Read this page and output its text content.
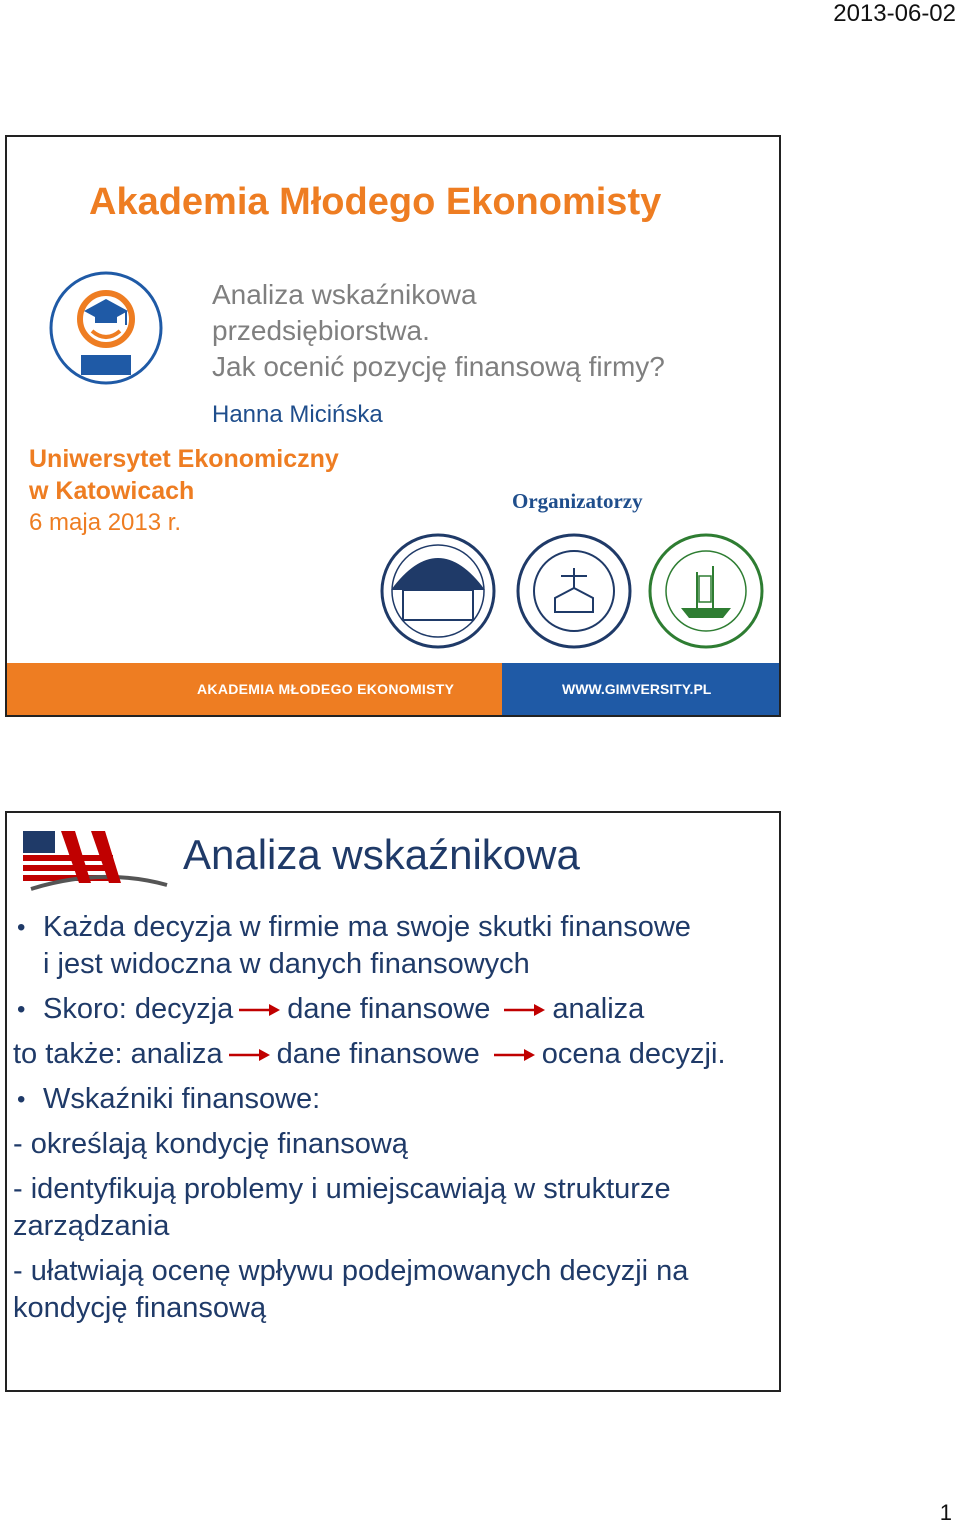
2013-06-02
Akademia Młodego Ekonomisty
Analiza wskaźnikowa
przedsiębiorstwa.
Jak ocenić pozycję finansową firmy?
Hanna Micińska
Uniwersytet Ekonomiczny
w Katowicach
6 maja 2013 r.
Organizatorzy
AKADEMIA MŁODEGO EKONOMISTY	WWW.GIMVERSITY.PL
Analiza wskaźnikowa
• Każda decyzja w firmie ma swoje skutki finansowe
i jest widoczna w danych finansowych
• Skoro: decyzja dane finansowe analiza
to także: analiza dane finansowe ocena decyzji.
• Wskaźniki finansowe:
- określają kondycję finansową
- identyfikują problemy i umiejscawiają w strukturze
zarządzania
- ułatwiają ocenę wpływu podejmowanych decyzji na
kondycję finansową
1
